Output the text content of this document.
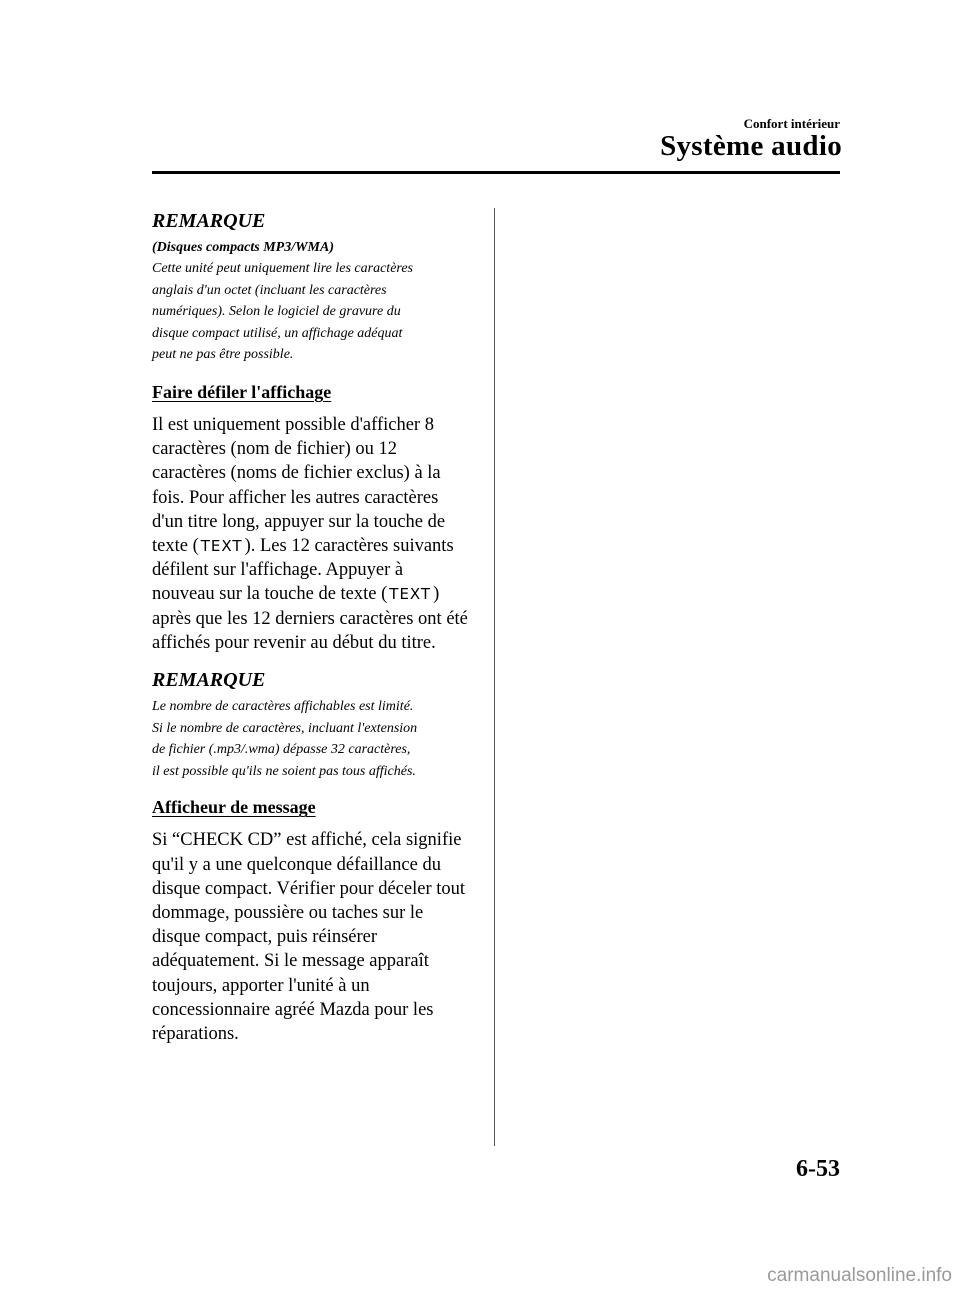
Confort intérieur
Système audio

REMARQUE

(Disques compacts MP3/WMA)

Cette unité peut uniquement lire les caractères

anglais d'un octet (incluant les caractères

numériques). Selon le logiciel de gravure du

disque compact utilisé, un affichage adéquat

peut ne pas être possible.

Faire défiler l'affichage

Il est uniquement possible d'afficher 8

caractères (nom de fichier) ou 12

caractères (noms de fichier exclus) à la

fois. Pour afficher les autres caractères

d'un titre long, appuyer sur la touche de

texte ( TEXT ). Les 12 caractères suivants

défilent sur l'affichage. Appuyer à

nouveau sur la touche de texte ( TEXT )

après que les 12 derniers caractères ont été

affichés pour revenir au début du titre.

REMARQUE

Le nombre de caractères affichables est limité.

Si le nombre de caractères, incluant l'extension

de fichier (.mp3/.wma) dépasse 32 caractères,

il est possible qu'ils ne soient pas tous affichés.

Afficheur de message

Si “CHECK CD” est affiché, cela signifie

qu'il y a une quelconque défaillance du

disque compact. Vérifier pour déceler tout

dommage, poussière ou taches sur le

disque compact, puis réinsérer

adéquatement. Si le message apparaît

toujours, apporter l'unité à un

concessionnaire agréé Mazda pour les

réparations.

6-53
carmanualsonline.info
